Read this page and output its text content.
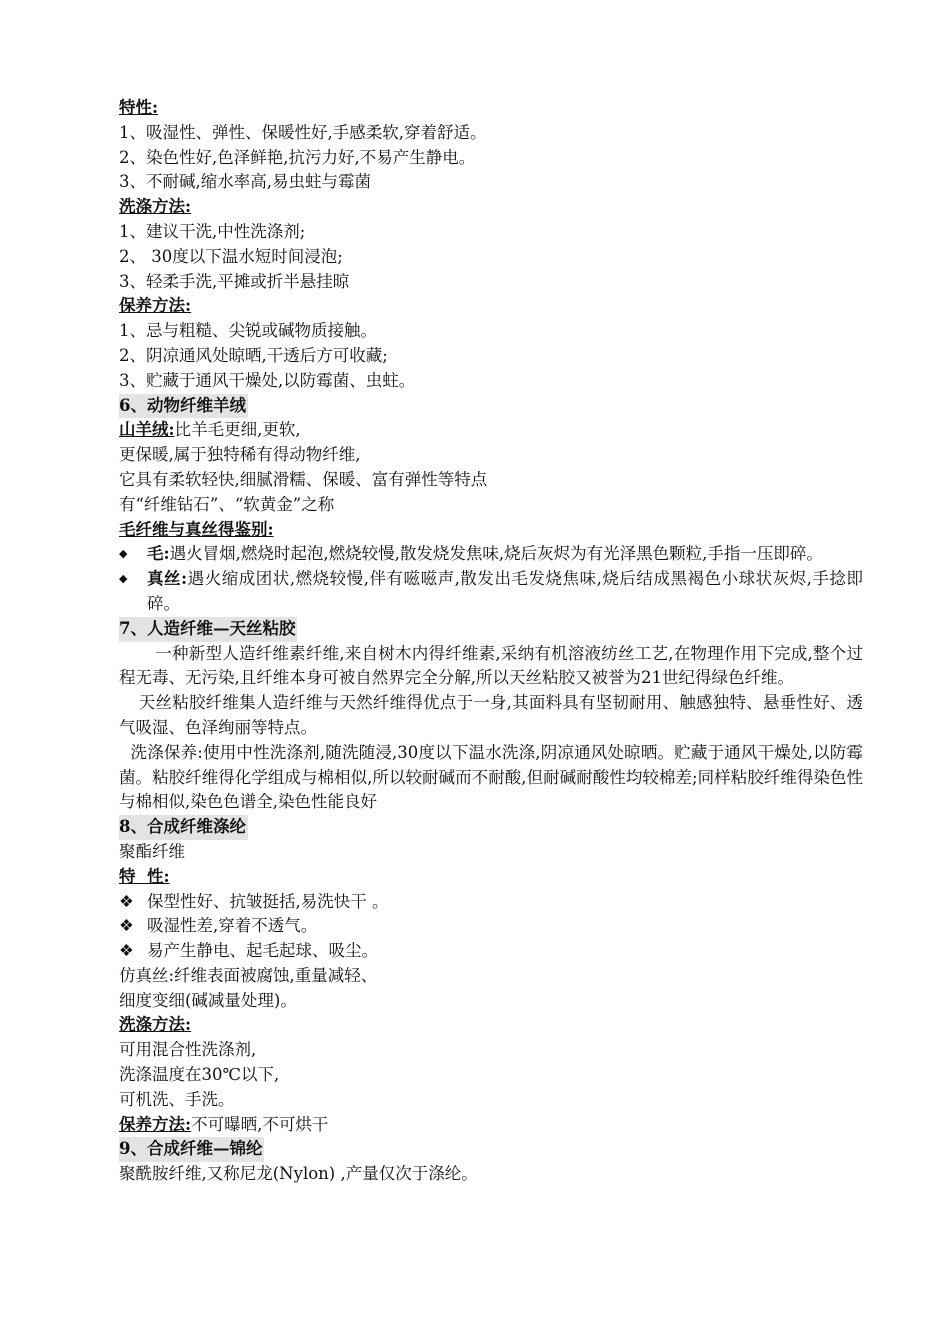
特性:
1、吸湿性、弹性、保暖性好,手感柔软,穿着舒适。
2、染色性好,色泽鲜艳,抗污力好,不易产生静电。
3、不耐碱,缩水率高,易虫蛀与霉菌
洗涤方法:
1、建议干洗,中性洗涤剂;
2、 30度以下温水短时间浸泡;
3、轻柔手洗,平摊或折半悬挂晾
保养方法:
1、忌与粗糙、尖锐或碱物质接触。
2、阴凉通风处晾晒,干透后方可收藏;
3、贮藏于通风干燥处,以防霉菌、虫蛀。
6、动物纤维羊绒
山羊绒:比羊毛更细,更软,
更保暖,属于独特稀有得动物纤维,
它具有柔软轻快,细腻滑糯、保暖、富有弹性等特点
有“纤维钻石”、“软黄金”之称
毛纤维与真丝得鉴别:
◆	毛:遇火冒烟,燃烧时起泡,燃烧较慢,散发烧发焦味,烧后灰烬为有光泽黑色颗粒,手指一压即碎。
◆	真丝:遇火缩成团状,燃烧较慢,伴有嗞嗞声,散发出毛发烧焦味,烧后结成黑褐色小球状灰烬,手捻即碎。
7、人造纤维—天丝粘胶
一种新型人造纤维素纤维,来自树木内得纤维素,采纳有机溶液纺丝工艺,在物理作用下完成,整个过程无毒、无污染,且纤维本身可被自然界完全分解,所以天丝粘胶又被誉为21世纪得绿色纤维。
天丝粘胶纤维集人造纤维与天然纤维得优点于一身,其面料具有坚韧耐用、触感独特、悬垂性好、透气吸湿、色泽绚丽等特点。
洗涤保养:使用中性洗涤剂,随洗随浸,30度以下温水洗涤,阴凉通风处晾晒。贮藏于通风干燥处,以防霉菌。粘胶纤维得化学组成与棉相似,所以较耐碱而不耐酸,但耐碱耐酸性均较棉差;同样粘胶纤维得染色性与棉相似,染色色谱全,染色性能良好
8、合成纤维涤纶
聚酯纤维
特  性:
❖ 保型性好、抗皱挺括,易洗快干 。
❖ 吸湿性差,穿着不透气。
❖ 易产生静电、起毛起球、吸尘。
仿真丝:纤维表面被腐蚀,重量减轻、
细度变细(碱减量处理)。
洗涤方法:
可用混合性洗涤剂,
洗涤温度在30℃以下,
可机洗、手洗。
保养方法:不可曝晒,不可烘干
9、合成纤维—锦纶
聚酰胺纤维,又称尼龙(Nylon) ,产量仅次于涤纶。
